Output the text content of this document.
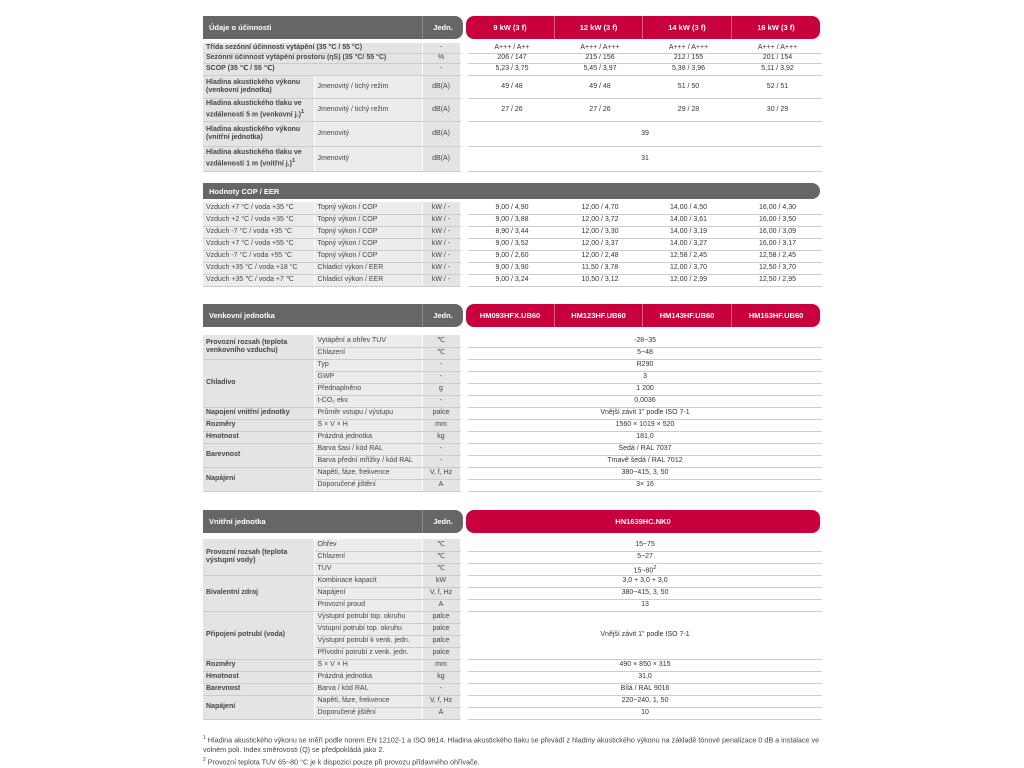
Údaje o účinnosti	Jedn.	9 kW (3 f)	12 kW (3 f)	14 kW (3 f)	16 kW (3 f)
Třída sezónní účinnosti vytápění (35 °C / 55 °C)		-		A+++ / A++	A+++ / A+++	A+++ / A+++	A+++ / A+++
Sezónní účinnost vytápění prostoru (ηS) (35 °C/ 55 °C)		%		206 / 147	215 / 156	212 / 155	201 / 154
SCOP (35 ℃ / 55 ℃)		-		5,23 / 3,75	5,45 / 3,97	5,38 / 3,96	5,11 / 3,92
Hladina akustického výkonu (venkovní jednotka)	Jmenovitý / tichý režim	dB(A)		49 / 48	49 / 48	51 / 50	52 / 51
Hladina akustického tlaku ve vzdálenosti 5 m (venkovní j.)$^1$	Jmenovitý / tichý režim	dB(A)		27 / 26	27 / 26	29 / 28	30 / 29
Hladina akustického výkonu (vnitřní jednotka)	Jmenovitý	dB(A)		39			
Hladina akustického tlaku ve vzdálenosti 1 m (vnitřní j.)$^1$	Jmenovitý	dB(A)		31			
Hodnoty COP / EER
Vzduch +7 °C / voda +35 °C	Topný výkon / COP	kW / -		9,00 / 4,90	12,00 / 4,70	14,00 / 4,50	16,00 / 4,30
Vzduch +2 °C / voda +35 °C	Topný výkon / COP	kW / -		9,00 / 3,88	12,00 / 3,72	14,00 / 3,61	16,00 / 3,50
Vzduch -7 °C / voda +35 °C	Topný výkon / COP	kW / -		8,90 / 3,44	12,00 / 3,30	14,00 / 3,19	16,00 / 3,09
Vzduch +7 °C / voda +55 °C	Topný výkon / COP	kW / -		9,00 / 3,52	12,00 / 3,37	14,00 / 3,27	16,00 / 3,17
Vzduch -7 °C / voda +55 °C	Topný výkon / COP	kW / -		9,00 / 2,60	12,00 / 2,48	12,58 / 2,45	12,58 / 2,45
Vzduch +35 °C / voda +18 °C	Chladicí výkon / EER	kW / -		9,00 / 3,90	11,50 / 3,78	12,00 / 3,70	12,50 / 3,70
Vzduch +35 ℃ / voda +7 ℃	Chladicí výkon / EER	kW / -		9,00 / 3,24	10,50 / 3,12	12,00 / 2,99	12,50 / 2,95
Venkovní jednotka	Jedn.	HM093HFX.UB60	HM123HF.UB60	HM143HF.UB60	HM163HF.UB60
Provozní rozsah (teplota venkovního vzduchu)	Vytápění a ohřev TUV	℃		-28~35
	Chlazení	℃		5~48
Chladivo	Typ	-		R290
	GWP	-		3
	Přednaplněno	g		1 200
	t-CO₂ ekv.	-		0,0036
Napojení vnitřní jednotky	Průměr vstupu / výstupu	palce		Vnější závit 1" podle ISO 7-1
Rozměry	Š × V × H	mm		1560 × 1019 × 520
Hmotnost	Prázdná jednotka	kg		181,0
Barevnost	Barva šasi / kód RAL	-		Šedá / RAL 7037
	Barva přední mřížky / kód RAL	-		Tmavě šedá / RAL 7012
Napájení	Napětí, fáze, frekvence	V, f, Hz		380~415, 3, 50
	Doporučené jištění	A		3× 16
Vnitřní jednotka	Jedn.	HN1639HC.NK0
Provozní rozsah (teplota výstupní vody)	Ohřev	℃		15~75
	Chlazení	℃		5~27
	TUV	℃		$15\sim 80^2$
Bivalentní zdroj	Kombinace kapacit	kW		3,0 + 3,0 + 3,0
	Napájení	V, f, Hz		380~415, 3, 50
	Provozní proud	A		13
Připojení potrubí (voda)	Výstupní potrubí top. okruhu	palce		Vnější závit 1" podle ISO 7-1
	Vstupní potrubí top. okruhu	palce		
	Výstupní potrubí k venk. jedn.	palce		
	Přívodní potrubí z venk. jedn.	palce		
Rozměry	Š × V × H	mm		490 × 850 × 315
Hmotnost	Prázdná jednotka	kg		31,0
Barevnost	Barva / kód RAL	-		Bílá / RAL 9016
Napájení	Napětí, fáze, frekvence	V, f, Hz		220~240, 1, 50
	Doporučené jištění	A		10
$^1$ Hladina akustického výkonu se měří podle norem EN 12102-1 a ISO 9614. Hladina akustického tlaku se převádí z hladiny akustického výkonu na základě tónové penalizace 0 dB a instalace ve volném poli. Index směrovosti (Q) se předpokládá jako 2.
$^2$ Provozní teplota TUV 65~80 °C je k dispozici pouze při provozu přídavného ohřívače.
